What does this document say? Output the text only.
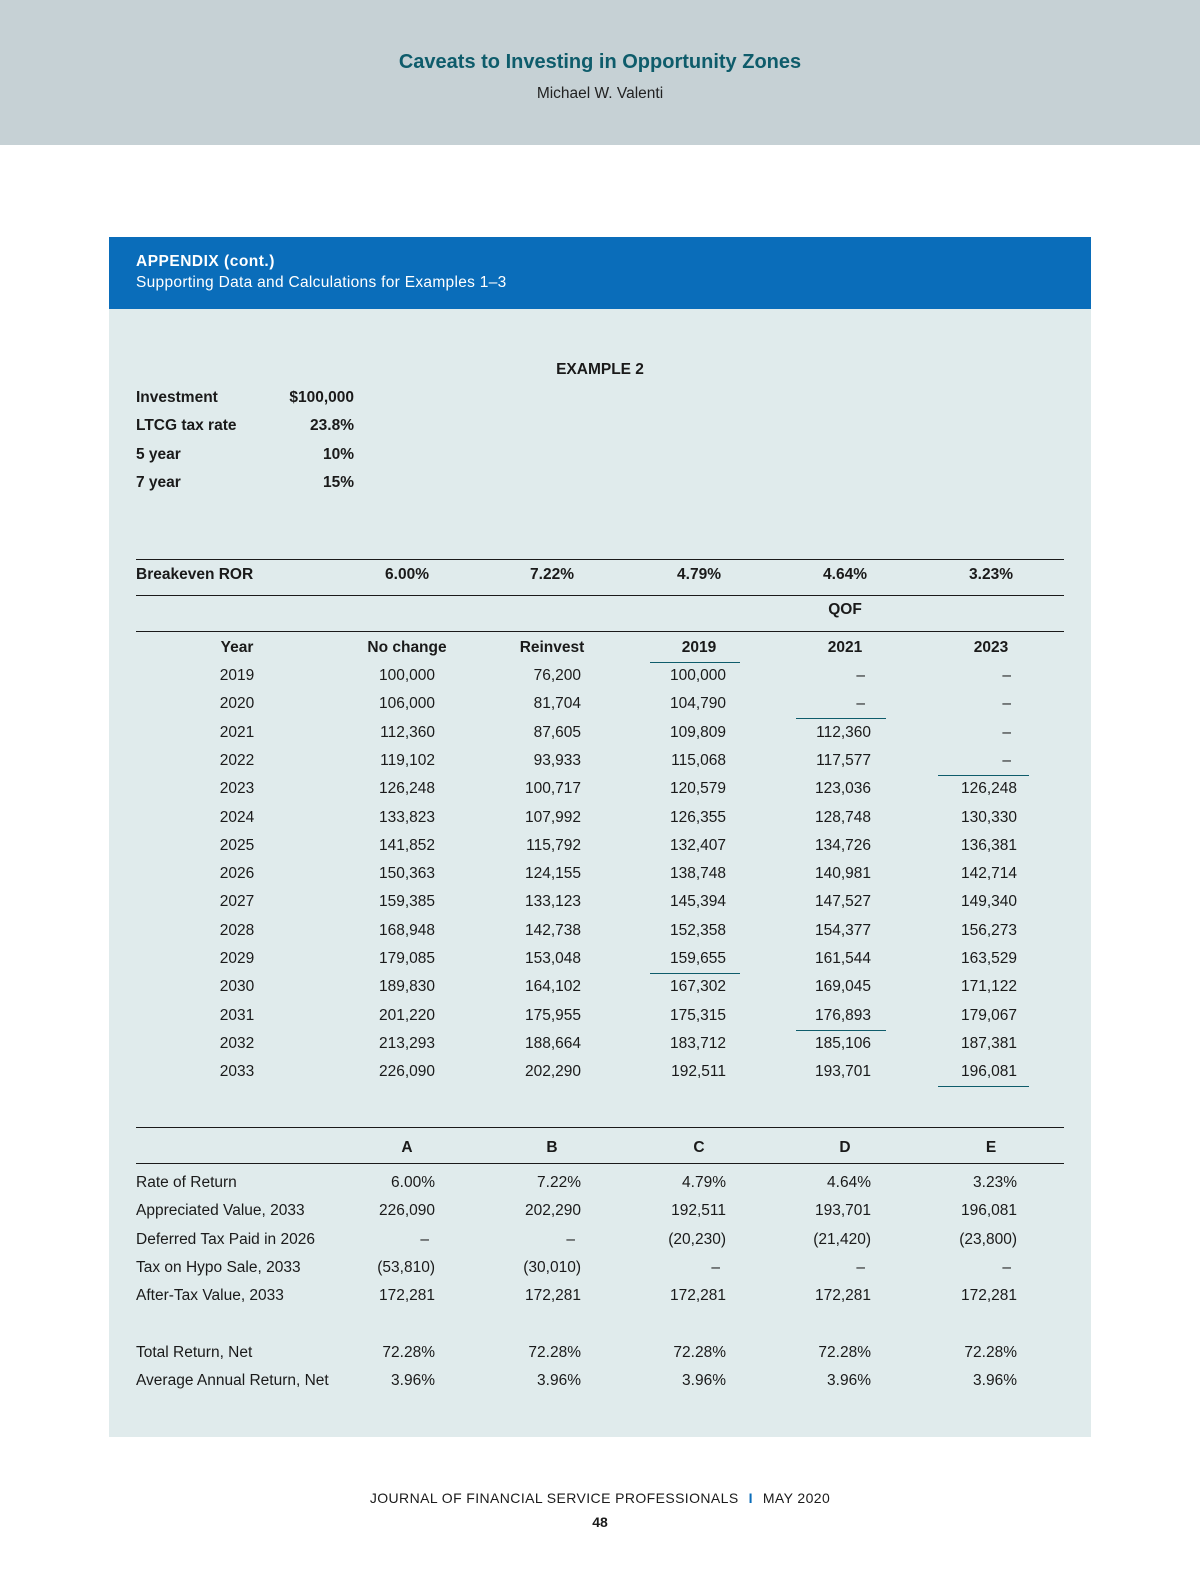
Caveats to Investing in Opportunity Zones
Michael W. Valenti
APPENDIX (cont.)
Supporting Data and Calculations for Examples 1–3
EXAMPLE 2
Investment	$100,000
LTCG tax rate	23.8%
5 year	10%
7 year	15%
Breakeven ROR	6.00%	7.22%	4.79%	4.64%	3.23%
QOF
Year	No change	Reinvest	2019	2021	2023
2019	100,000	76,200	100,000	–	–
2020	106,000	81,704	104,790	–	–
2021	112,360	87,605	109,809	112,360	–
2022	119,102	93,933	115,068	117,577	–
2023	126,248	100,717	120,579	123,036	126,248
2024	133,823	107,992	126,355	128,748	130,330
2025	141,852	115,792	132,407	134,726	136,381
2026	150,363	124,155	138,748	140,981	142,714
2027	159,385	133,123	145,394	147,527	149,340
2028	168,948	142,738	152,358	154,377	156,273
2029	179,085	153,048	159,655	161,544	163,529
2030	189,830	164,102	167,302	169,045	171,122
2031	201,220	175,955	175,315	176,893	179,067
2032	213,293	188,664	183,712	185,106	187,381
2033	226,090	202,290	192,511	193,701	196,081
A	B	C	D	E
Rate of Return	6.00%	7.22%	4.79%	4.64%	3.23%
Appreciated Value, 2033	226,090	202,290	192,511	193,701	196,081
Deferred Tax Paid in 2026	–	–	(20,230)	(21,420)	(23,800)
Tax on Hypo Sale, 2033	(53,810)	(30,010)	–	–	–
After-Tax Value, 2033	172,281	172,281	172,281	172,281	172,281
Total Return, Net	72.28%	72.28%	72.28%	72.28%	72.28%
Average Annual Return, Net	3.96%	3.96%	3.96%	3.96%	3.96%
JOURNAL OF FINANCIAL SERVICE PROFESSIONALS I MAY 2020
48
